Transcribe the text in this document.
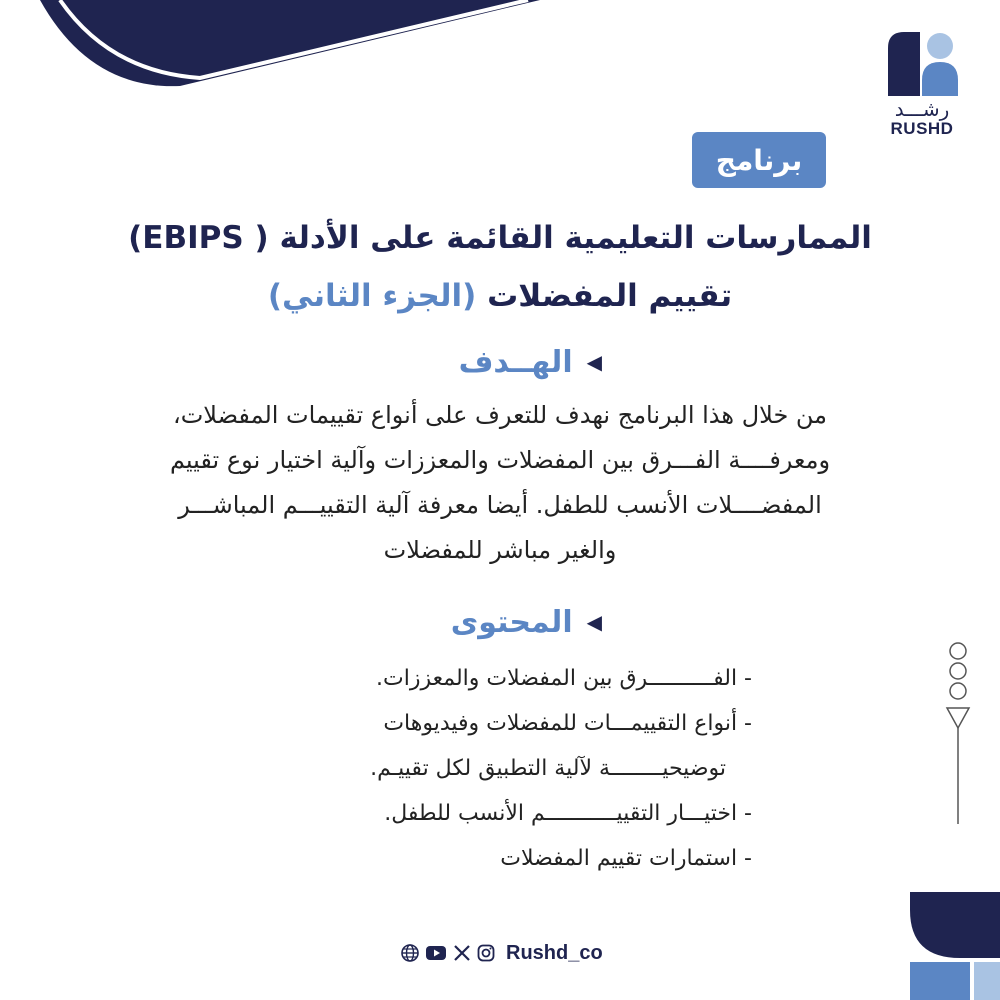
رشـــد
RUSHD
برنامج
الممارسات التعليمية القائمة على الأدلة ( EBIPS)
تقييم المفضلات (الجزء الثاني)
◀
الهــدف
من خلال هذا البرنامج نهدف للتعرف على أنواع تقييمات المفضلات،
ومعرفــــة الفـــرق بين المفضلات والمعززات وآلية اختيار نوع تقييم
المفضــــلات الأنسب للطفل. أيضا معرفة آلية التقييـــم المباشـــر
والغير مباشر للمفضلات
◀
المحتوى
- الفــــــــــرق بين المفضلات والمعززات.
- أنواع التقييمـــات للمفضلات وفيديوهات
توضيحيــــــــة لآلية التطبيق لكل تقييـم.
- اختيـــار التقييـــــــــــم الأنسب للطفل.
- استمارات تقييم المفضلات
Rushd_co
